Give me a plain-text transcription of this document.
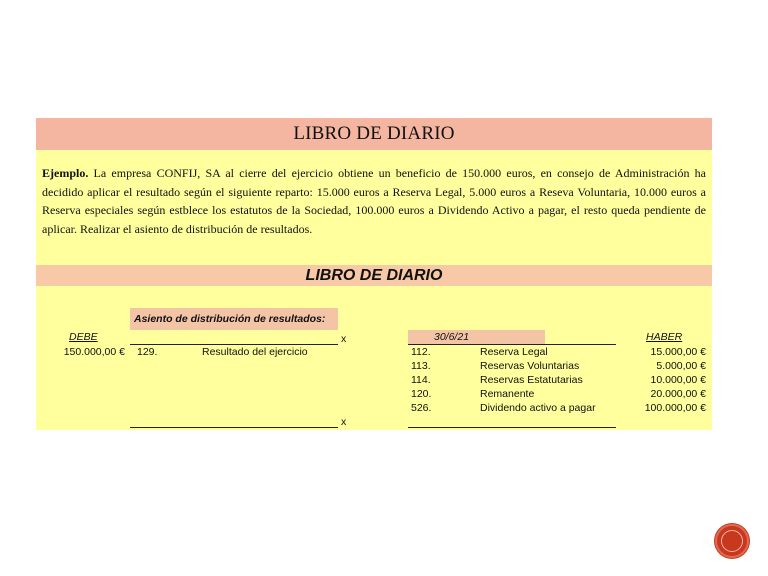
LIBRO DE DIARIO

Ejemplo. La empresa CONFIJ, SA al cierre del ejercicio obtiene un beneficio de 150.000 euros, en consejo de Administración ha decidido aplicar el resultado según el siguiente reparto: 15.000 euros a Reserva Legal, 5.000 euros a Reseva Voluntaria, 10.000 euros a Reserva especiales según estblece los estatutos de la Sociedad, 100.000 euros a Dividendo Activo a pagar, el resto queda pendiente de aplicar. Realizar el asiento de distribución de resultados.

LIBRO DE DIARIO
Asiento de distribución de resultados:
DEBE	x	30/6/21	HABER
150.000,00 € 129.	Resultado del ejercicio	112.	Reserva Legal	15.000,00 €
113.	Reservas Voluntarias	5.000,00 €
114.	Reservas Estatutarias	10.000,00 €
120.	Remanente	20.000,00 €
526.	Dividendo activo a pagar	100.000,00 €
x
